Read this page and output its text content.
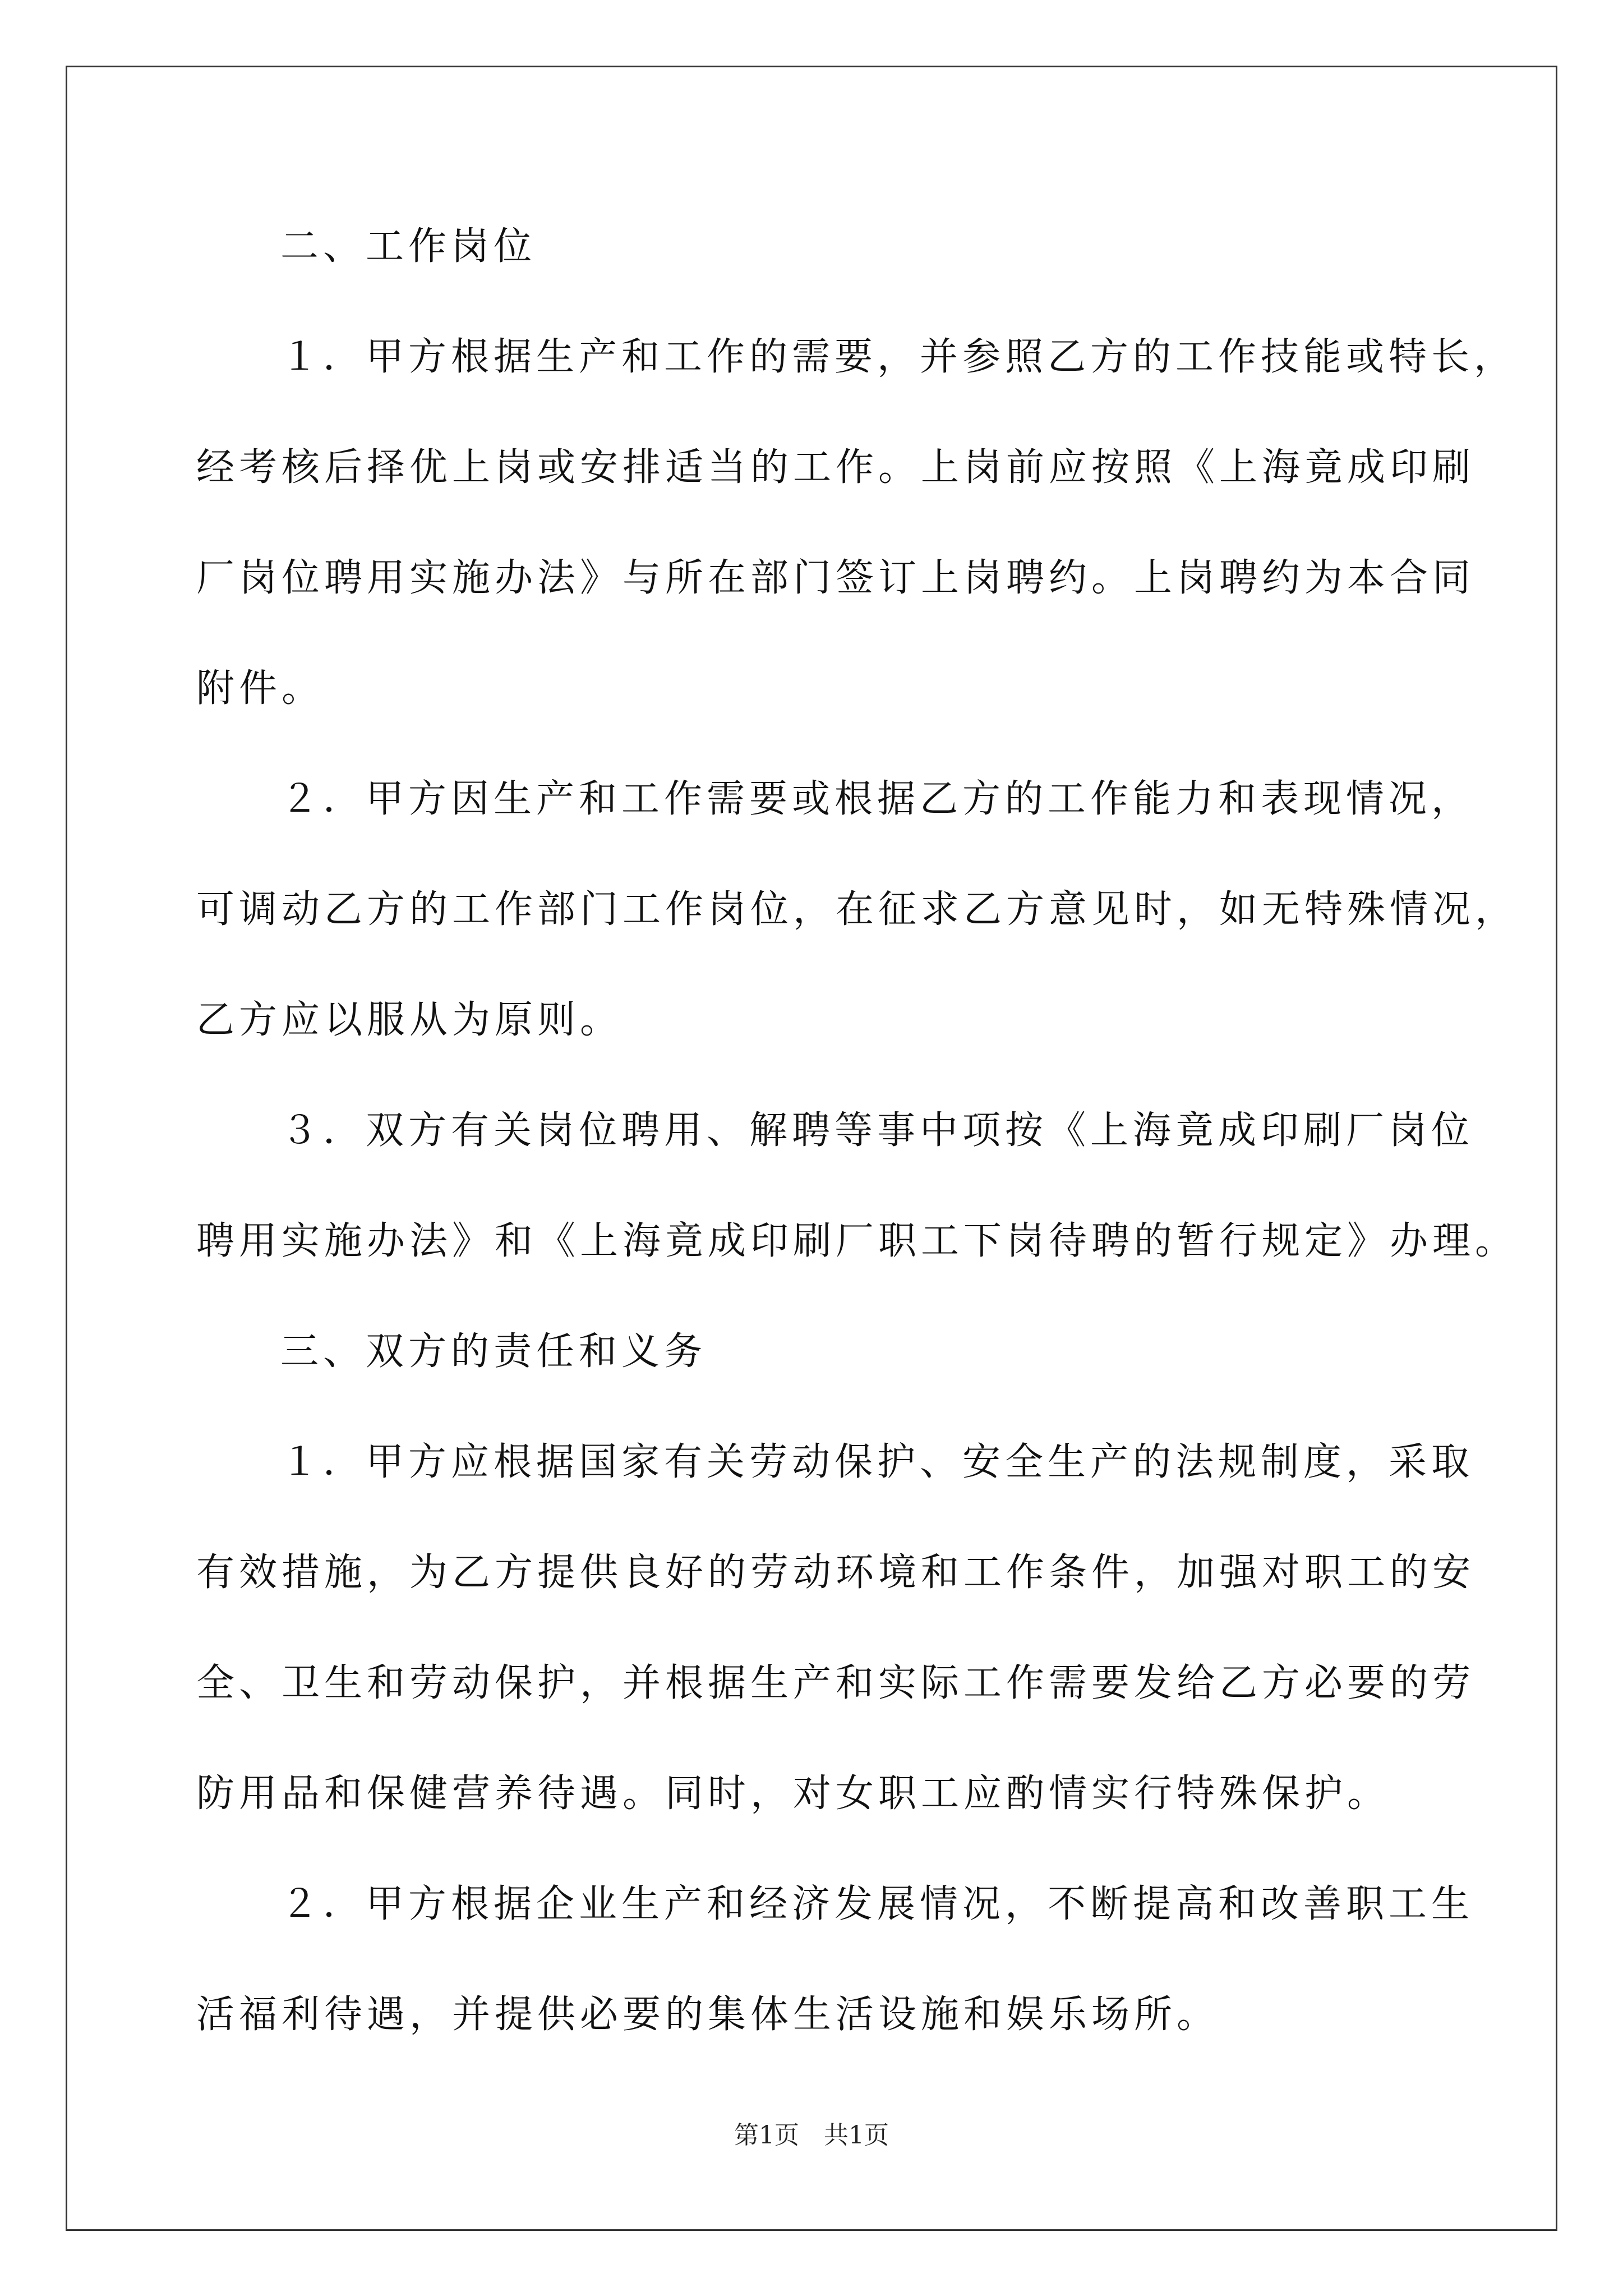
二、工作岗位
１．甲方根据生产和工作的需要，并参照乙方的工作技能或特长，
经考核后择优上岗或安排适当的工作。上岗前应按照《上海竟成印刷
厂岗位聘用实施办法》与所在部门签订上岗聘约。上岗聘约为本合同
附件。
２．甲方因生产和工作需要或根据乙方的工作能力和表现情况，
可调动乙方的工作部门工作岗位，在征求乙方意见时，如无特殊情况，
乙方应以服从为原则。
３．双方有关岗位聘用、解聘等事中项按《上海竟成印刷厂岗位
聘用实施办法》和《上海竟成印刷厂职工下岗待聘的暂行规定》办理。
三、双方的责任和义务
１．甲方应根据国家有关劳动保护、安全生产的法规制度，采取
有效措施，为乙方提供良好的劳动环境和工作条件，加强对职工的安
全、卫生和劳动保护，并根据生产和实际工作需要发给乙方必要的劳
防用品和保健营养待遇。同时，对女职工应酌情实行特殊保护。
２．甲方根据企业生产和经济发展情况，不断提高和改善职工生
活福利待遇，并提供必要的集体生活设施和娱乐场所。
第1页　共1页
